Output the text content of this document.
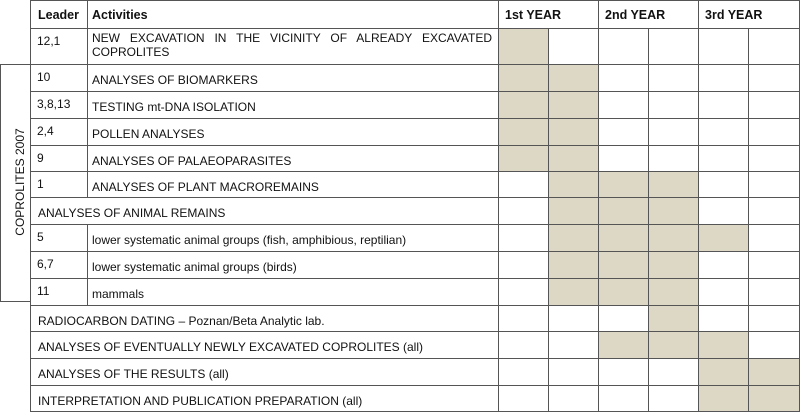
Leader Activities	1st YEAR	2nd YEAR	3rd YEAR
COPROLITES 2007
12,1	NEW EXCAVATION IN THE VICINITY OF ALREADY EXCAVATED COPROLITES
10	ANALYSES OF BIOMARKERS
3,8,13 TESTING mt-DNA ISOLATION
2,4	POLLEN ANALYSES
9	ANALYSES OF PALAEOPARASITES
1	ANALYSES OF PLANT MACROREMAINS
ANALYSES OF ANIMAL REMAINS
5	lower systematic animal groups (fish, amphibious, reptilian)
6,7	lower systematic animal groups (birds)
11	mammals
RADIOCARBON DATING – Poznan/Beta Analytic lab.
ANALYSES OF EVENTUALLY NEWLY EXCAVATED COPROLITES (all)
ANALYSES OF THE RESULTS (all)
INTERPRETATION AND PUBLICATION PREPARATION (all)
